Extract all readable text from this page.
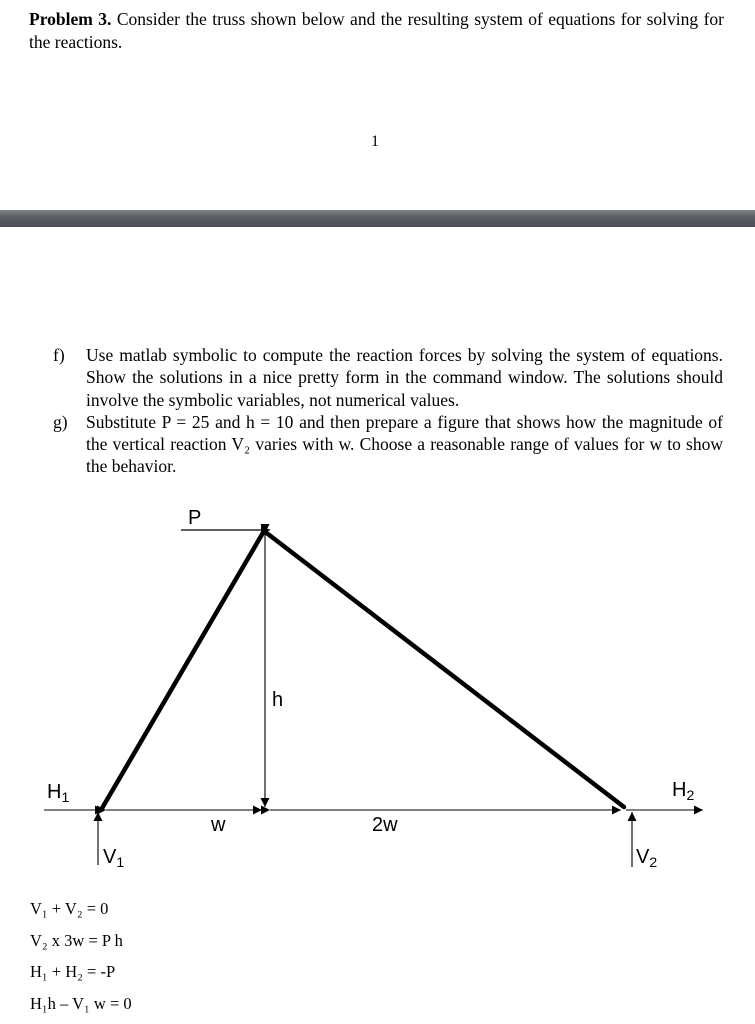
Problem 3. Consider the truss shown below and the resulting system of equations for solving for the reactions.
1
f)	Use matlab symbolic to compute the reaction forces by solving the system of equations. Show the solutions in a nice pretty form in the command window. The solutions should involve the symbolic variables, not numerical values.
g)	Substitute P = 25 and h = 10 and then prepare a figure that shows how the magnitude of the vertical reaction V₂ varies with w. Choose a reasonable range of values for w to show the behavior.
P
h
$H_1$
$V_1$
w	2w
$H_2$
$V_2$
V₁ + V₂ = 0
V₂ x 3w = P h
H₁ + H₂ = -P
H₁h – V₁ w = 0
